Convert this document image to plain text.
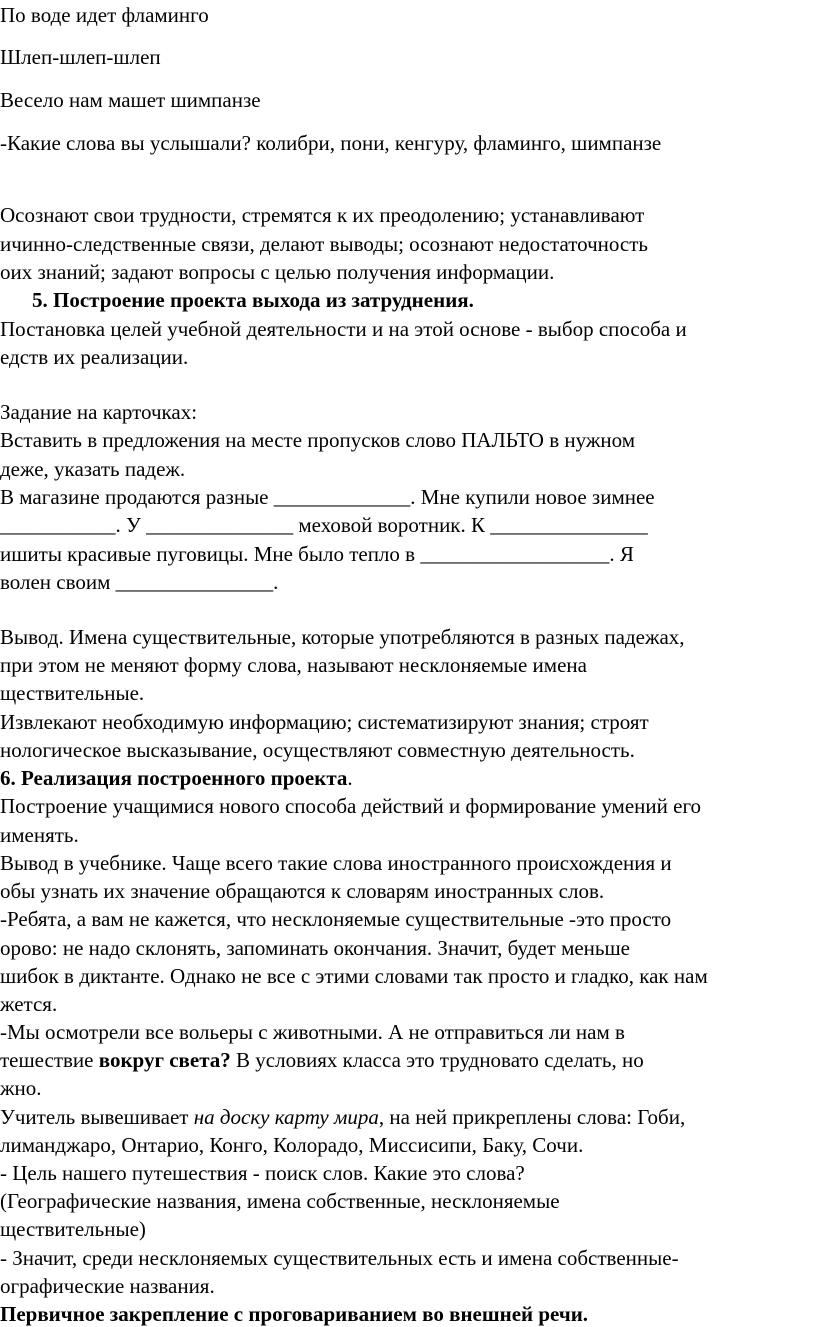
По воде идет фламинго
Шлеп-шлеп-шлеп
Весело нам машет шимпанзе
-Какие слова вы услышали? колибри, пони, кенгуру, фламинго, шимпанзе
Осознают свои трудности, стремятся к их преодолению; устанавливают
ичинно-следственные связи, делают выводы; осознают недостаточность
оих знаний; задают вопросы с целью получения информации.
5. Построение проекта выхода из затруднения.
Постановка целей учебной деятельности и на этой основе - выбор способа и
едств их реализации.
Задание на карточках:
Вставить в предложения на месте пропусков слово ПАЛЬТО в нужном
деже, указать падеж.
В магазине продаются разные _____________. Мне купили новое зимнее
___________. У ______________ меховой воротник. К _______________
ишиты красивые пуговицы. Мне было тепло в __________________. Я
волен своим _______________.
Вывод. Имена существительные, которые употребляются в разных падежах,
при этом не меняют форму слова, называют несклоняемые имена
ществительные.
Извлекают необходимую информацию; систематизируют знания; строят
нологическое высказывание, осуществляют совместную деятельность.
6. Реализация построенного проекта.
Построение учащимися нового способа действий и формирование умений его
именять.
Вывод в учебнике. Чаще всего такие слова иностранного происхождения и
обы узнать их значение обращаются к словарям иностранных слов.
-Ребята, а вам не кажется, что несклоняемые существительные -это просто
орово: не надо склонять, запоминать окончания. Значит, будет меньше
шибок в диктанте. Однако не все с этими словами так просто и гладко, как нам
жется.
-Мы осмотрели все вольеры с животными. А не отправиться ли нам в
тешествие вокруг света? В условиях класса это трудновато сделать, но
жно.
Учитель вывешивает на доску карту мира, на ней прикреплены слова: Гоби,
лиманджаро, Онтарио, Конго, Колорадо, Миссисипи, Баку, Сочи.
- Цель нашего путешествия - поиск слов. Какие это слова?
(Географические названия, имена собственные, несклоняемые
ществительные)
- Значит, среди несклоняемых существительных есть и имена собственные-
ографические названия.
Первичное закрепление с проговариванием во внешней речи.
